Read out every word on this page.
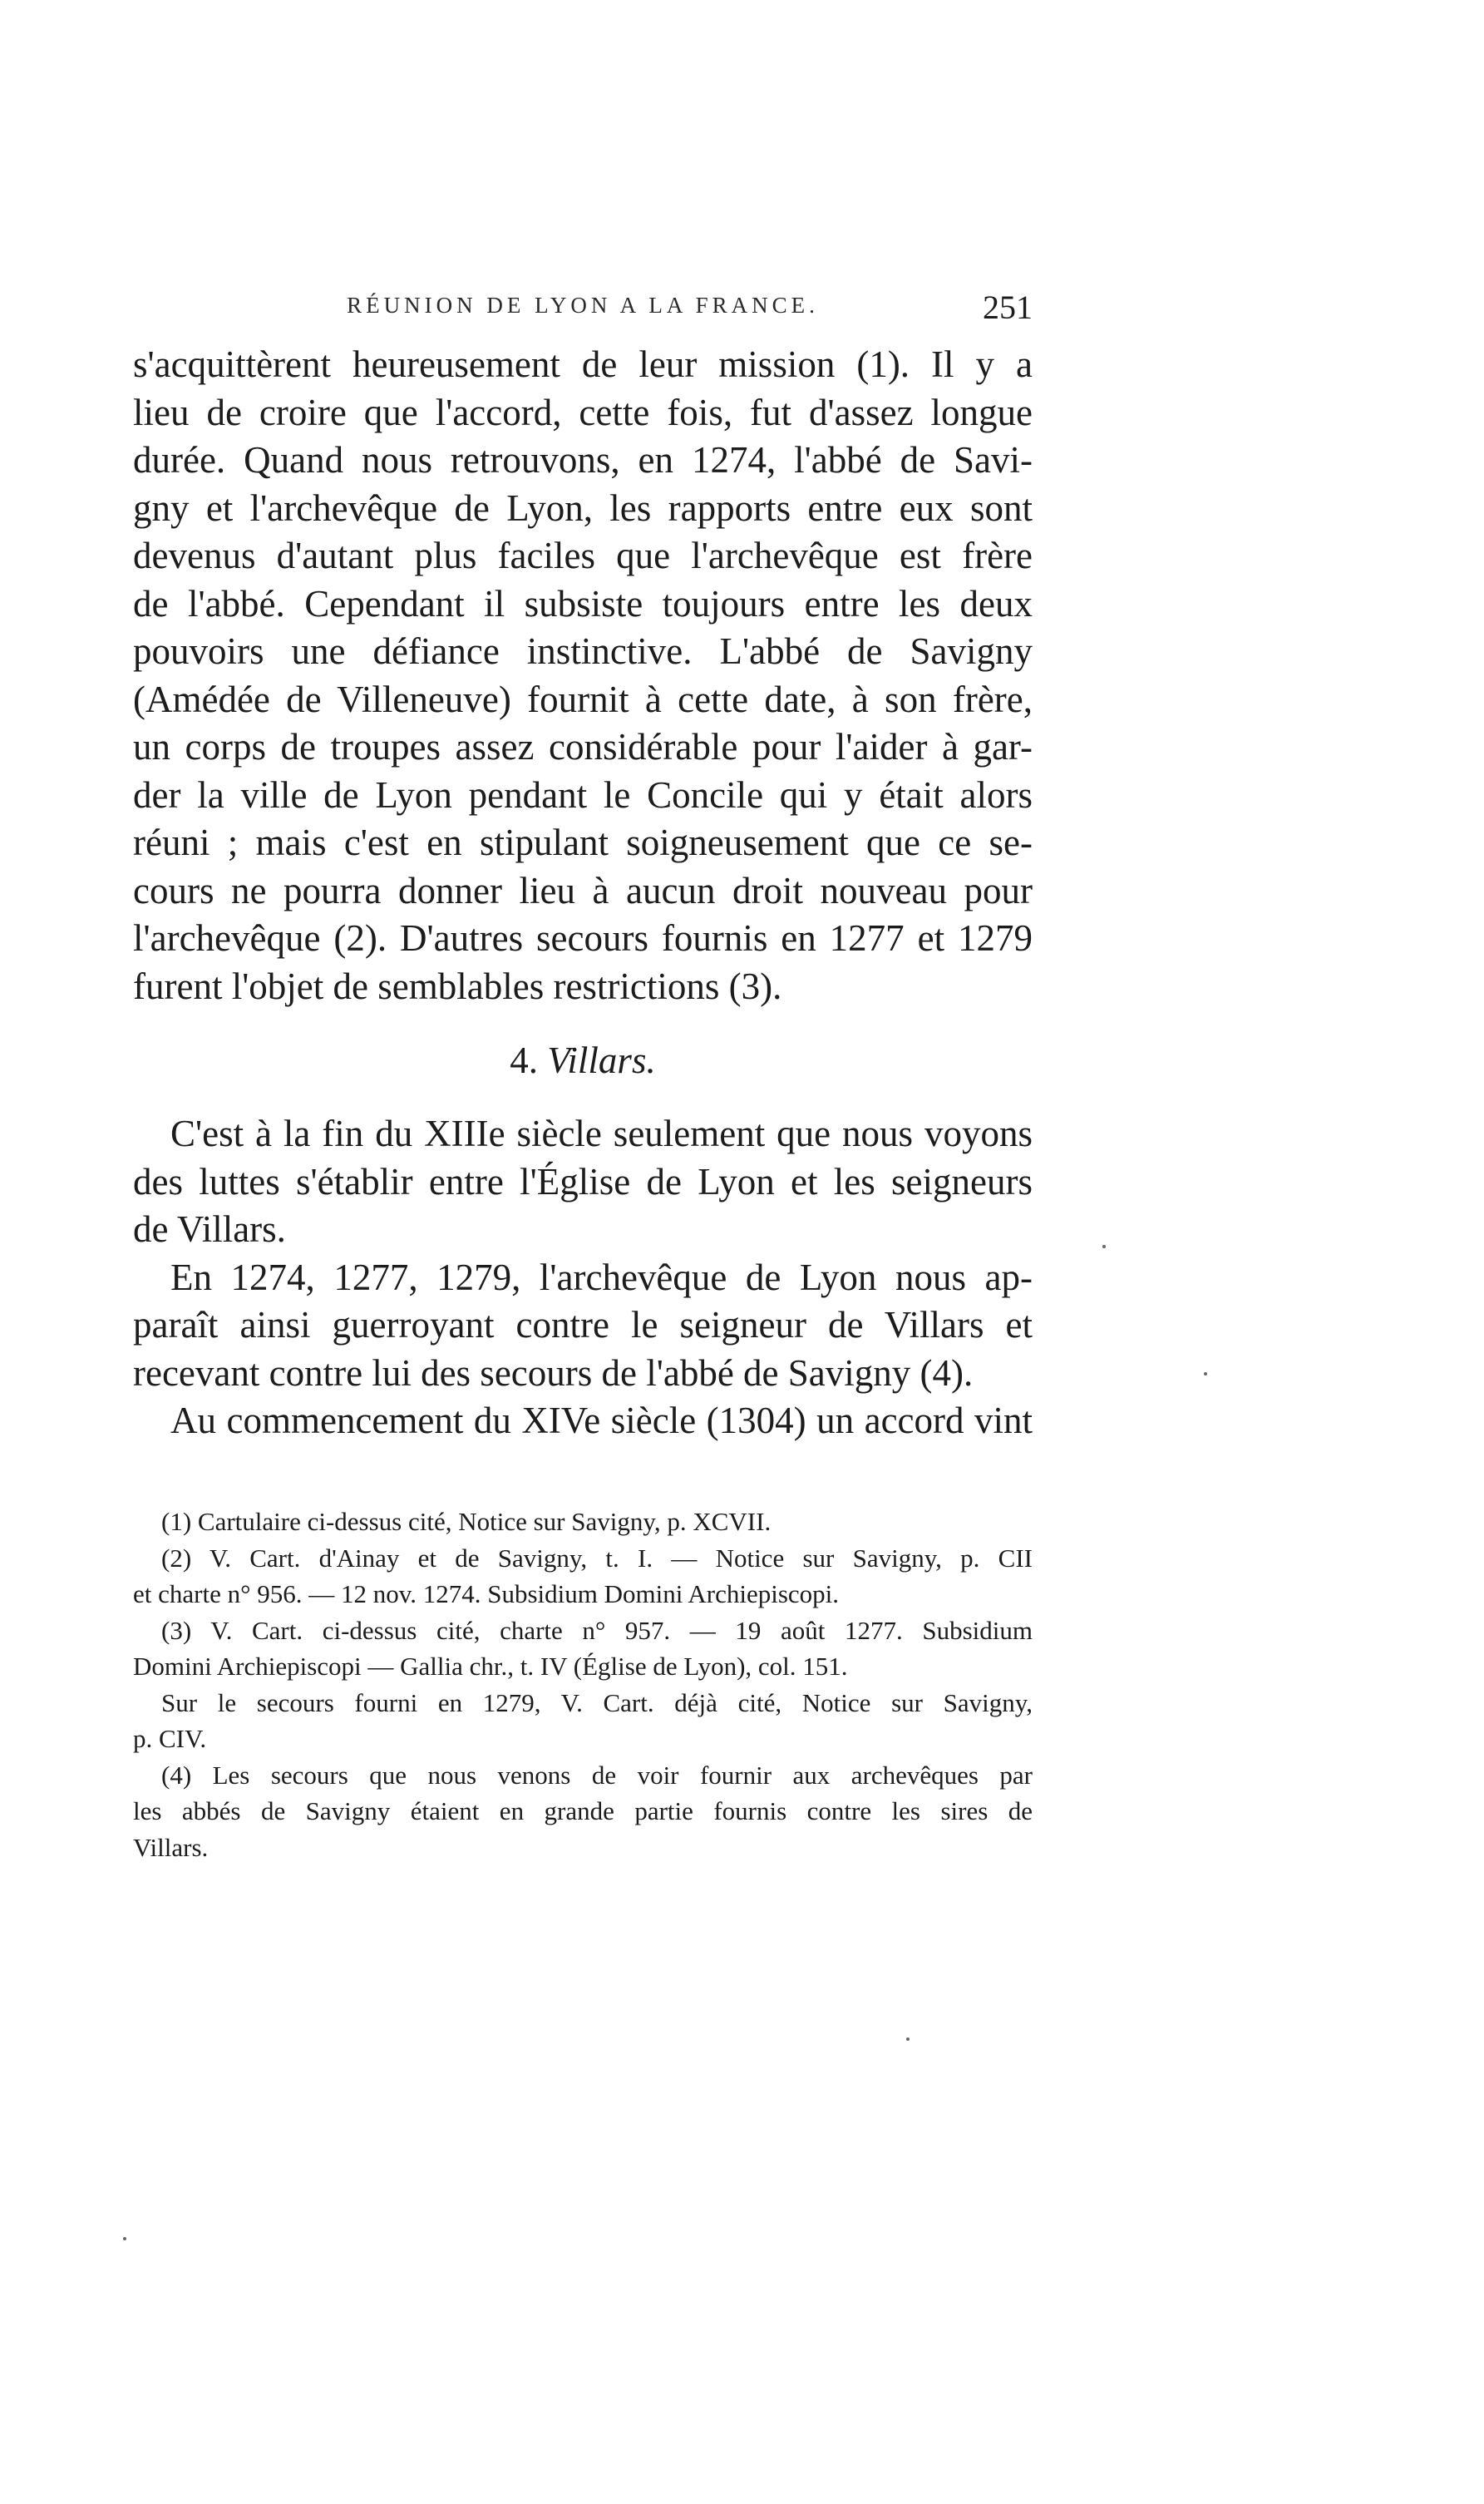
RÉUNION DE LYON A LA FRANCE.	251
s'acquittèrent heureusement de leur mission (1). Il y a
lieu de croire que l'accord, cette fois, fut d'assez longue
durée. Quand nous retrouvons, en 1274, l'abbé de Savi-
gny et l'archevêque de Lyon, les rapports entre eux sont
devenus d'autant plus faciles que l'archevêque est frère
de l'abbé. Cependant il subsiste toujours entre les deux
pouvoirs une défiance instinctive. L'abbé de Savigny
(Amédée de Villeneuve) fournit à cette date, à son frère,
un corps de troupes assez considérable pour l'aider à gar-
der la ville de Lyon pendant le Concile qui y était alors
réuni ; mais c'est en stipulant soigneusement que ce se-
cours ne pourra donner lieu à aucun droit nouveau pour
l'archevêque (2). D'autres secours fournis en 1277 et 1279
furent l'objet de semblables restrictions (3).
4. Villars.
C'est à la fin du XIIIe siècle seulement que nous voyons
des luttes s'établir entre l'Église de Lyon et les seigneurs
de Villars.
En 1274, 1277, 1279, l'archevêque de Lyon nous ap-
paraît ainsi guerroyant contre le seigneur de Villars et
recevant contre lui des secours de l'abbé de Savigny (4).
Au commencement du XIVe siècle (1304) un accord vint
(1) Cartulaire ci-dessus cité, Notice sur Savigny, p. XCVII.
(2) V. Cart. d'Ainay et de Savigny, t. I. — Notice sur Savigny, p. CII
et charte n° 956. — 12 nov. 1274. Subsidium Domini Archiepiscopi.
(3) V. Cart. ci-dessus cité, charte n° 957. — 19 août 1277. Subsidium
Domini Archiepiscopi — Gallia chr., t. IV (Église de Lyon), col. 151.
Sur le secours fourni en 1279, V. Cart. déjà cité, Notice sur Savigny,
p. CIV.
(4) Les secours que nous venons de voir fournir aux archevêques par
les abbés de Savigny étaient en grande partie fournis contre les sires de
Villars.
